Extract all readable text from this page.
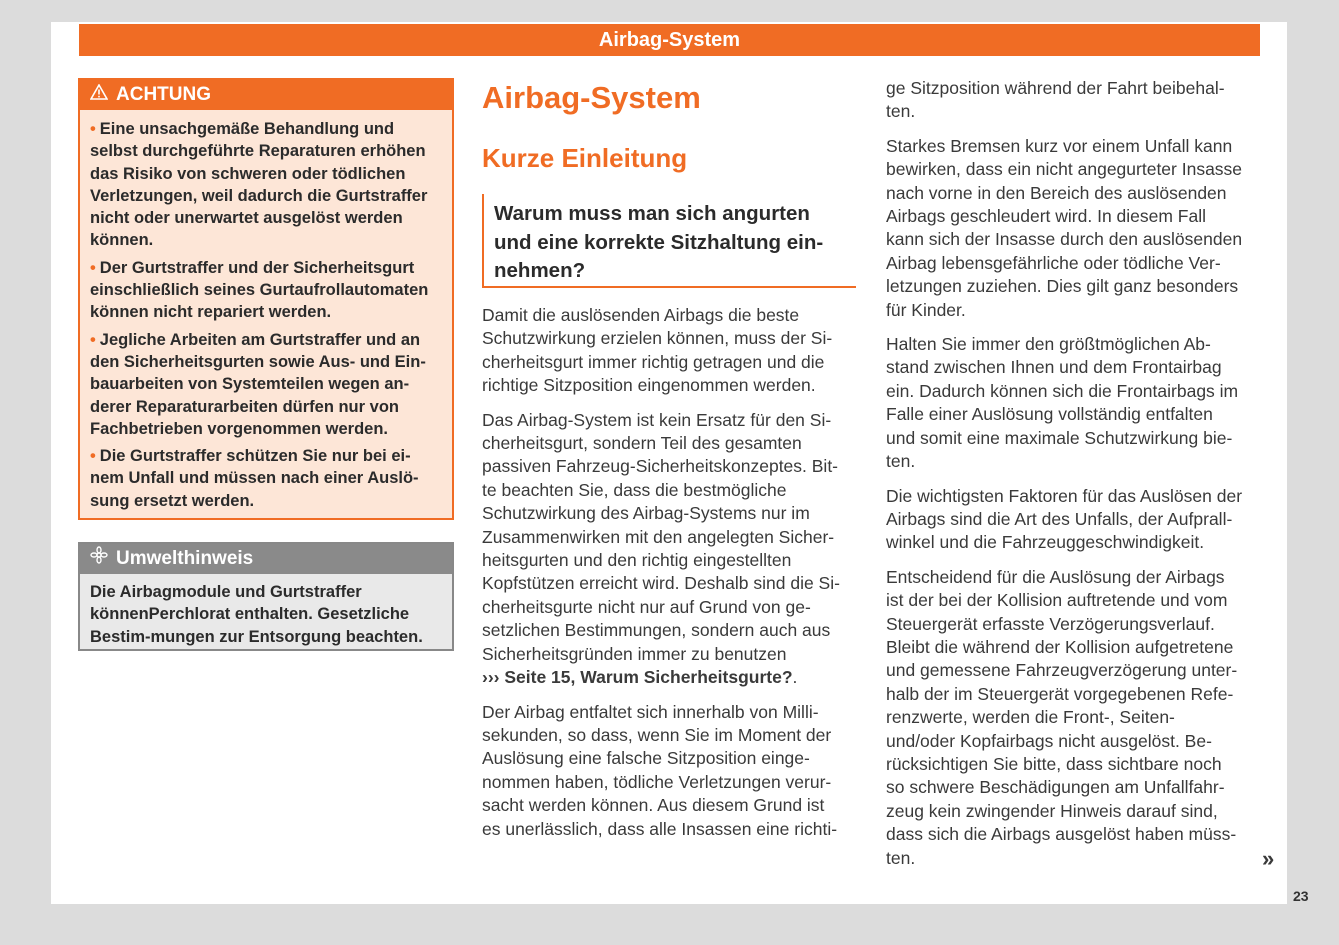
Airbag-System
ACHTUNG
• Eine unsachgemäße Behandlung und
selbst durchgeführte Reparaturen erhöhen
das Risiko von schweren oder tödlichen
Verletzungen, weil dadurch die Gurtstraffer
nicht oder unerwartet ausgelöst werden
können.
• Der Gurtstraffer und der Sicherheitsgurt
einschließlich seines Gurtaufrollautomaten
können nicht repariert werden.
• Jegliche Arbeiten am Gurtstraffer und an
den Sicherheitsgurten sowie Aus- und Ein-
bauarbeiten von Systemteilen wegen an-
derer Reparaturarbeiten dürfen nur von
Fachbetrieben vorgenommen werden.
• Die Gurtstraffer schützen Sie nur bei ei-
nem Unfall und müssen nach einer Auslö-
sung ersetzt werden.
Umwelthinweis
Die Airbagmodule und Gurtstraffer könnenPerchlorat enthalten. Gesetzliche Bestim-mungen zur Entsorgung beachten.
Airbag-System
Kurze Einleitung
Warum muss man sich angurten
und eine korrekte Sitzhaltung ein-
nehmen?

Damit die auslösenden Airbags die beste
Schutzwirkung erzielen können, muss der Si-
cherheitsgurt immer richtig getragen und die
richtige Sitzposition eingenommen werden.

Das Airbag-System ist kein Ersatz für den Si-
cherheitsgurt, sondern Teil des gesamten
passiven Fahrzeug-Sicherheitskonzeptes. Bit-
te beachten Sie, dass die bestmögliche
Schutzwirkung des Airbag-Systems nur im
Zusammenwirken mit den angelegten Sicher-
heitsgurten und den richtig eingestellten
Kopfstützen erreicht wird. Deshalb sind die Si-
cherheitsgurte nicht nur auf Grund von ge-
setzlichen Bestimmungen, sondern auch aus
Sicherheitsgründen immer zu benutzen
››› Seite 15, Warum Sicherheitsgurte?.

Der Airbag entfaltet sich innerhalb von Milli-
sekunden, so dass, wenn Sie im Moment der
Auslösung eine falsche Sitzposition einge-
nommen haben, tödliche Verletzungen verur-
sacht werden können. Aus diesem Grund ist
es unerlässlich, dass alle Insassen eine richti-

ge Sitzposition während der Fahrt beibehal-
ten.

Starkes Bremsen kurz vor einem Unfall kann
bewirken, dass ein nicht angegurteter Insasse
nach vorne in den Bereich des auslösenden
Airbags geschleudert wird. In diesem Fall
kann sich der Insasse durch den auslösenden
Airbag lebensgefährliche oder tödliche Ver-
letzungen zuziehen. Dies gilt ganz besonders
für Kinder.

Halten Sie immer den größtmöglichen Ab-
stand zwischen Ihnen und dem Frontairbag
ein. Dadurch können sich die Frontairbags im
Falle einer Auslösung vollständig entfalten
und somit eine maximale Schutzwirkung bie-
ten.

Die wichtigsten Faktoren für das Auslösen der
Airbags sind die Art des Unfalls, der Aufprall-
winkel und die Fahrzeuggeschwindigkeit.

Entscheidend für die Auslösung der Airbags
ist der bei der Kollision auftretende und vom
Steuergerät erfasste Verzögerungsverlauf.
Bleibt die während der Kollision aufgetretene
und gemessene Fahrzeugverzögerung unter-
halb der im Steuergerät vorgegebenen Refe-
renzwerte, werden die Front-, Seiten-
und/oder Kopfairbags nicht ausgelöst. Be-
rücksichtigen Sie bitte, dass sichtbare noch
so schwere Beschädigungen am Unfallfahr-
zeug kein zwingender Hinweis darauf sind,
dass sich die Airbags ausgelöst haben müss-
ten.	»
23
